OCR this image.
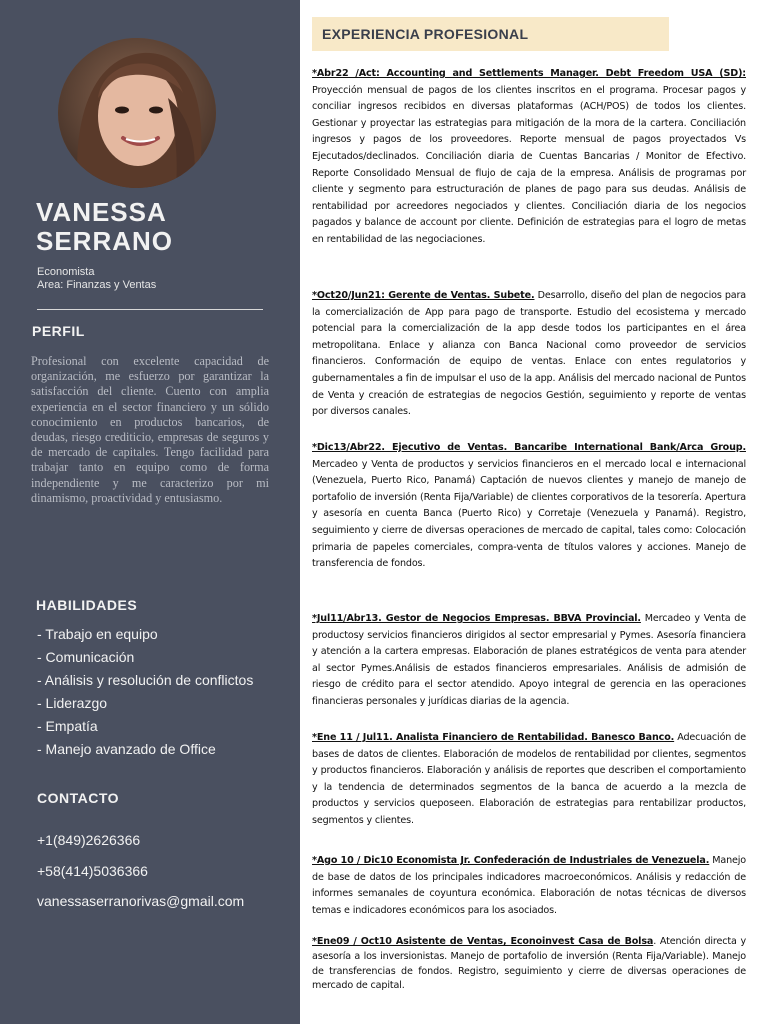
VANESSA
SERRANO
Economista
Area: Finanzas y Ventas
PERFIL
Profesional con excelente capacidad de organización, me esfuerzo por garantizar la satisfacción del cliente. Cuento con amplia experiencia en el sector financiero y un sólido conocimiento en productos bancarios, de deudas, riesgo crediticio, empresas de seguros y de mercado de capitales. Tengo facilidad para trabajar tanto en equipo como de forma independiente y me caracterizo por mi dinamismo, proactividad y entusiasmo.
HABILIDADES
- Trabajo en equipo
- Comunicación
- Análisis y resolución de conflictos
- Liderazgo
- Empatía
- Manejo avanzado de Office
CONTACTO
+1(849)2626366
+58(414)5036366
vanessaserranorivas@gmail.com
EXPERIENCIA PROFESIONAL
*Abr22 /Act: Accounting and Settlements Manager. Debt Freedom USA (SD): Proyección mensual de pagos de los clientes inscritos en el programa. Procesar pagos y conciliar ingresos recibidos en diversas plataformas (ACH/POS) de todos los clientes. Gestionar y proyectar las estrategias para mitigación de la mora de la cartera. Conciliación ingresos y pagos de los proveedores. Reporte mensual de pagos proyectados Vs Ejecutados/declinados. Conciliación diaria de Cuentas Bancarias / Monitor de Efectivo. Reporte Consolidado Mensual de flujo de caja de la empresa. Análisis de programas por cliente y segmento para estructuración de planes de pago para sus deudas. Análisis de rentabilidad por acreedores negociados y clientes. Conciliación diaria de los negocios pagados y balance de account por cliente. Definición de estrategias para el logro de metas en rentabilidad de las negociaciones.
*Oct20/Jun21: Gerente de Ventas. Subete. Desarrollo, diseño del plan de negocios para la comercialización de App para pago de transporte. Estudio del ecosistema y mercado potencial para la comercialización de la app desde todos los participantes en el área metropolitana. Enlace y alianza con Banca Nacional como proveedor de servicios financieros. Conformación de equipo de ventas. Enlace con entes regulatorios y gubernamentales a fin de impulsar el uso de la app. Análisis del mercado nacional de Puntos de Venta y creación de estrategias de negocios Gestión, seguimiento y reporte de ventas por diversos canales.
*Dic13/Abr22. Ejecutivo de Ventas. Bancaribe International Bank/Arca Group. Mercadeo y Venta de productos y servicios financieros en el mercado local e internacional (Venezuela, Puerto Rico, Panamá) Captación de nuevos clientes y manejo de manejo de portafolio de inversión (Renta Fija/Variable) de clientes corporativos de la tesorería. Apertura y asesoría en cuenta Banca (Puerto Rico) y Corretaje (Venezuela y Panamá). Registro, seguimiento y cierre de diversas operaciones de mercado de capital, tales como: Colocación primaria de papeles comerciales, compra-venta de títulos valores y acciones. Manejo de transferencia de fondos.
*Jul11/Abr13. Gestor de Negocios Empresas. BBVA Provincial. Mercadeo y Venta de productosy servicios financieros dirigidos al sector empresarial y Pymes. Asesoría financiera y atención a la cartera empresas. Elaboración de planes estratégicos de venta para atender al sector Pymes.Análisis de estados financieros empresariales. Análisis de admisión de riesgo de crédito para el sector atendido. Apoyo integral de gerencia en las operaciones financieras personales y jurídicas diarias de la agencia.
*Ene 11 / Jul11. Analista Financiero de Rentabilidad. Banesco Banco. Adecuación de bases de datos de clientes. Elaboración de modelos de rentabilidad por clientes, segmentos y productos financieros. Elaboración y análisis de reportes que describen el comportamiento y la tendencia de determinados segmentos de la banca de acuerdo a la mezcla de productos y servicios queposeen. Elaboración de estrategias para rentabilizar productos, segmentos y clientes.
*Ago 10 / Dic10 Economista Jr. Confederación de Industriales de Venezuela. Manejo de base de datos de los principales indicadores macroeconómicos. Análisis y redacción de informes semanales de coyuntura económica. Elaboración de notas técnicas de diversos temas e indicadores económicos para los asociados.
*Ene09 / Oct10 Asistente de Ventas, Econoinvest Casa de Bolsa. Atención directa y asesoría a los inversionistas. Manejo de portafolio de inversión (Renta Fija/Variable). Manejo de transferencias de fondos. Registro, seguimiento y cierre de diversas operaciones de mercado de capital.
